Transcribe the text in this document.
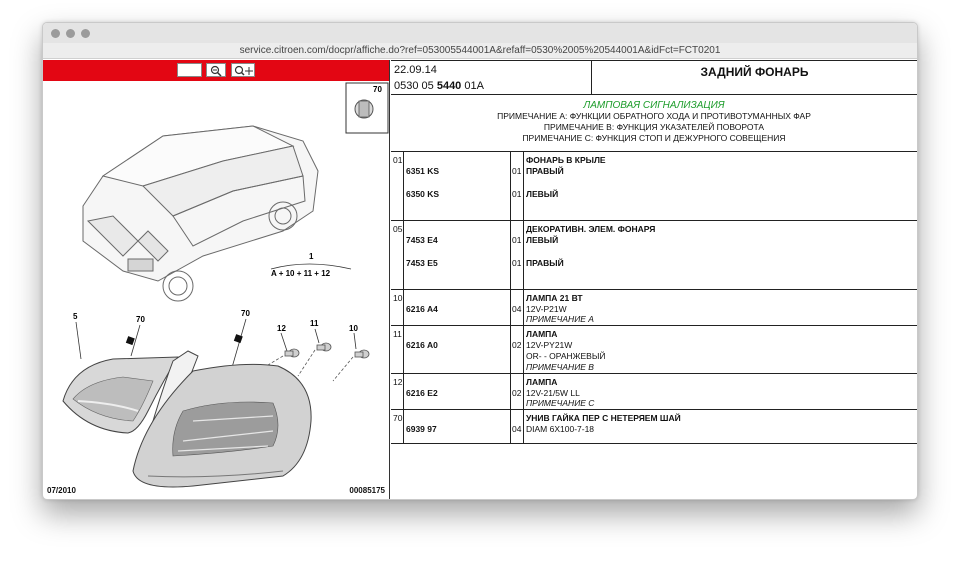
service.citroen.com/docpr/affiche.do?ref=053005544001A&refaff=0530%2005%20544001A&idFct=FCT0201
70
1
A + 10 + 11 + 12
5	70
70
12
11
10
07/2010	00085175
22.09.14
0530 05 5440 01A
ЗАДНИЙ ФОНАРЬ
ЛАМПОВАЯ СИГНАЛИЗАЦИЯ
ПРИМЕЧАНИЕ A: ФУНКЦИИ ОБРАТНОГО ХОДА И ПРОТИВОТУМАННЫХ ФАР
ПРИМЕЧАНИЕ B: ФУНКЦИЯ УКАЗАТЕЛЕЙ ПОВОРОТА
ПРИМЕЧАНИЕ C: ФУНКЦИЯ СТОП И ДЕЖУРНОГО СОВЕЩЕНИЯ
01	ФОНАРЬ В КРЫЛЕ
6351 KS	01 ПРАВЫЙ
6350 KS	01 ЛЕВЫЙ
05	ДЕКОРАТИВН. ЭЛЕМ. ФОНАРЯ
7453 E4	01 ЛЕВЫЙ
7453 E5	01 ПРАВЫЙ
10	ЛАМПА 21 ВТ
6216 A4	04 12V-P21W
ПРИМЕЧАНИЕ A
11	ЛАМПА
6216 A0	02 12V-PY21W
OR- - ОРАНЖЕВЫЙ
ПРИМЕЧАНИЕ B
12	ЛАМПА
6216 E2	02 12V-21/5W LL
ПРИМЕЧАНИЕ C
70	УНИВ ГАЙКА ПЕР С НЕТЕРЯЕМ ШАЙ
6939 97	04 DIAM 6X100-7-18
